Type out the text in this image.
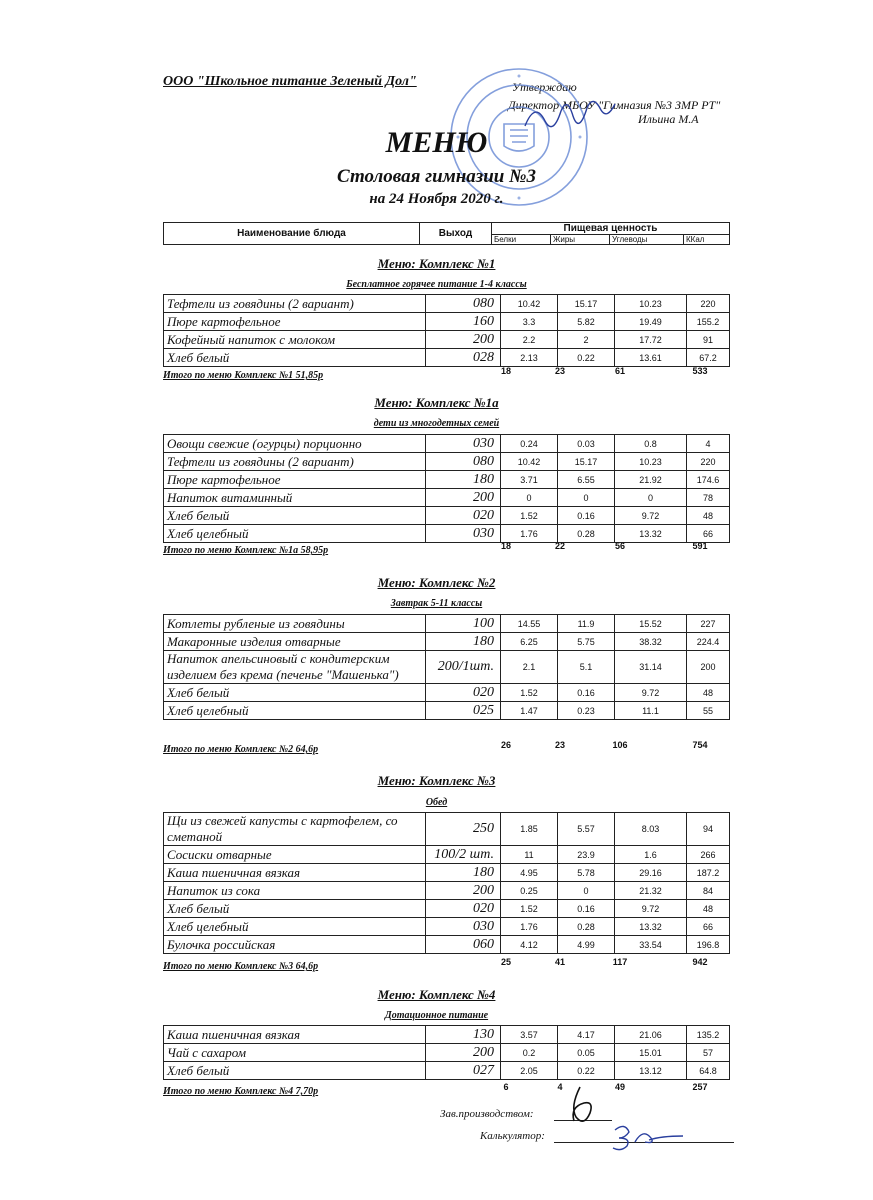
ООО "Школьное питание Зеленый Дол"	Утверждаю
Директор МБОУ "Гимназия №3 ЗМР РТ"
Ильина М.А
МЕНЮ
Столовая гимназии №3
на 24 Ноября 2020 г.
Наименование блюда	Выход	Пищевая ценность			
		Белки	Жиры	Углеводы	ККал
Меню: Комплекс №1
Бесплатное горячее питание 1-4 классы
Тефтели из говядины (2 вариант)	080	10.42	15.17	10.23	220
Пюре картофельное	160	3.3	5.82	19.49	155.2
Кофейный напиток с молоком	200	2.2	2	17.72	91
Хлеб белый	028	2.13	0.22	13.61	67.2
Итого по меню Комплекс №1 51,85р	18	23	61	533
Меню: Комплекс №1а
дети из многодетных семей
Овощи свежие (огурцы) порционно	030	0.24	0.03	0.8	4
Тефтели из говядины (2 вариант)	080	10.42	15.17	10.23	220
Пюре картофельное	180	3.71	6.55	21.92	174.6
Напиток витаминный	200	0	0	0	78
Хлеб белый	020	1.52	0.16	9.72	48
Хлеб целебный	030	1.76	0.28	13.32	66
Итого по меню Комплекс №1а 58,95р	18	22	56	591
Меню: Комплекс №2
Завтрак 5-11 классы
Котлеты рубленые из говядины	100	14.55	11.9	15.52	227
Макаронные изделия отварные	180	6.25	5.75	38.32	224.4
Напиток апельсиновый с кондитерским изделием без крема (печенье "Машенька")	200/1шт.	2.1	5.1	31.14	200
Хлеб белый	020	1.52	0.16	9.72	48
Хлеб целебный	025	1.47	0.23	11.1	55
Итого по меню Комплекс №2 64,6р	26	23	106	754
Меню: Комплекс №3
Обед
Щи из свежей капусты с картофелем, со сметаной	250	1.85	5.57	8.03	94
Сосиски отварные	100/2 шт.	11	23.9	1.6	266
Каша пшеничная вязкая	180	4.95	5.78	29.16	187.2
Напиток из сока	200	0.25	0	21.32	84
Хлеб белый	020	1.52	0.16	9.72	48
Хлеб целебный	030	1.76	0.28	13.32	66
Булочка российская	060	4.12	4.99	33.54	196.8
Итого по меню Комплекс №3 64,6р	25	41	117	942
Меню: Комплекс №4
Дотационное питание
Каша пшеничная вязкая	130	3.57	4.17	21.06	135.2
Чай с сахаром	200	0.2	0.05	15.01	57
Хлеб белый	027	2.05	0.22	13.12	64.8
Итого по меню Комплекс №4 7,70р	6	4	49	257
Зав.производством:
Калькулятор:
